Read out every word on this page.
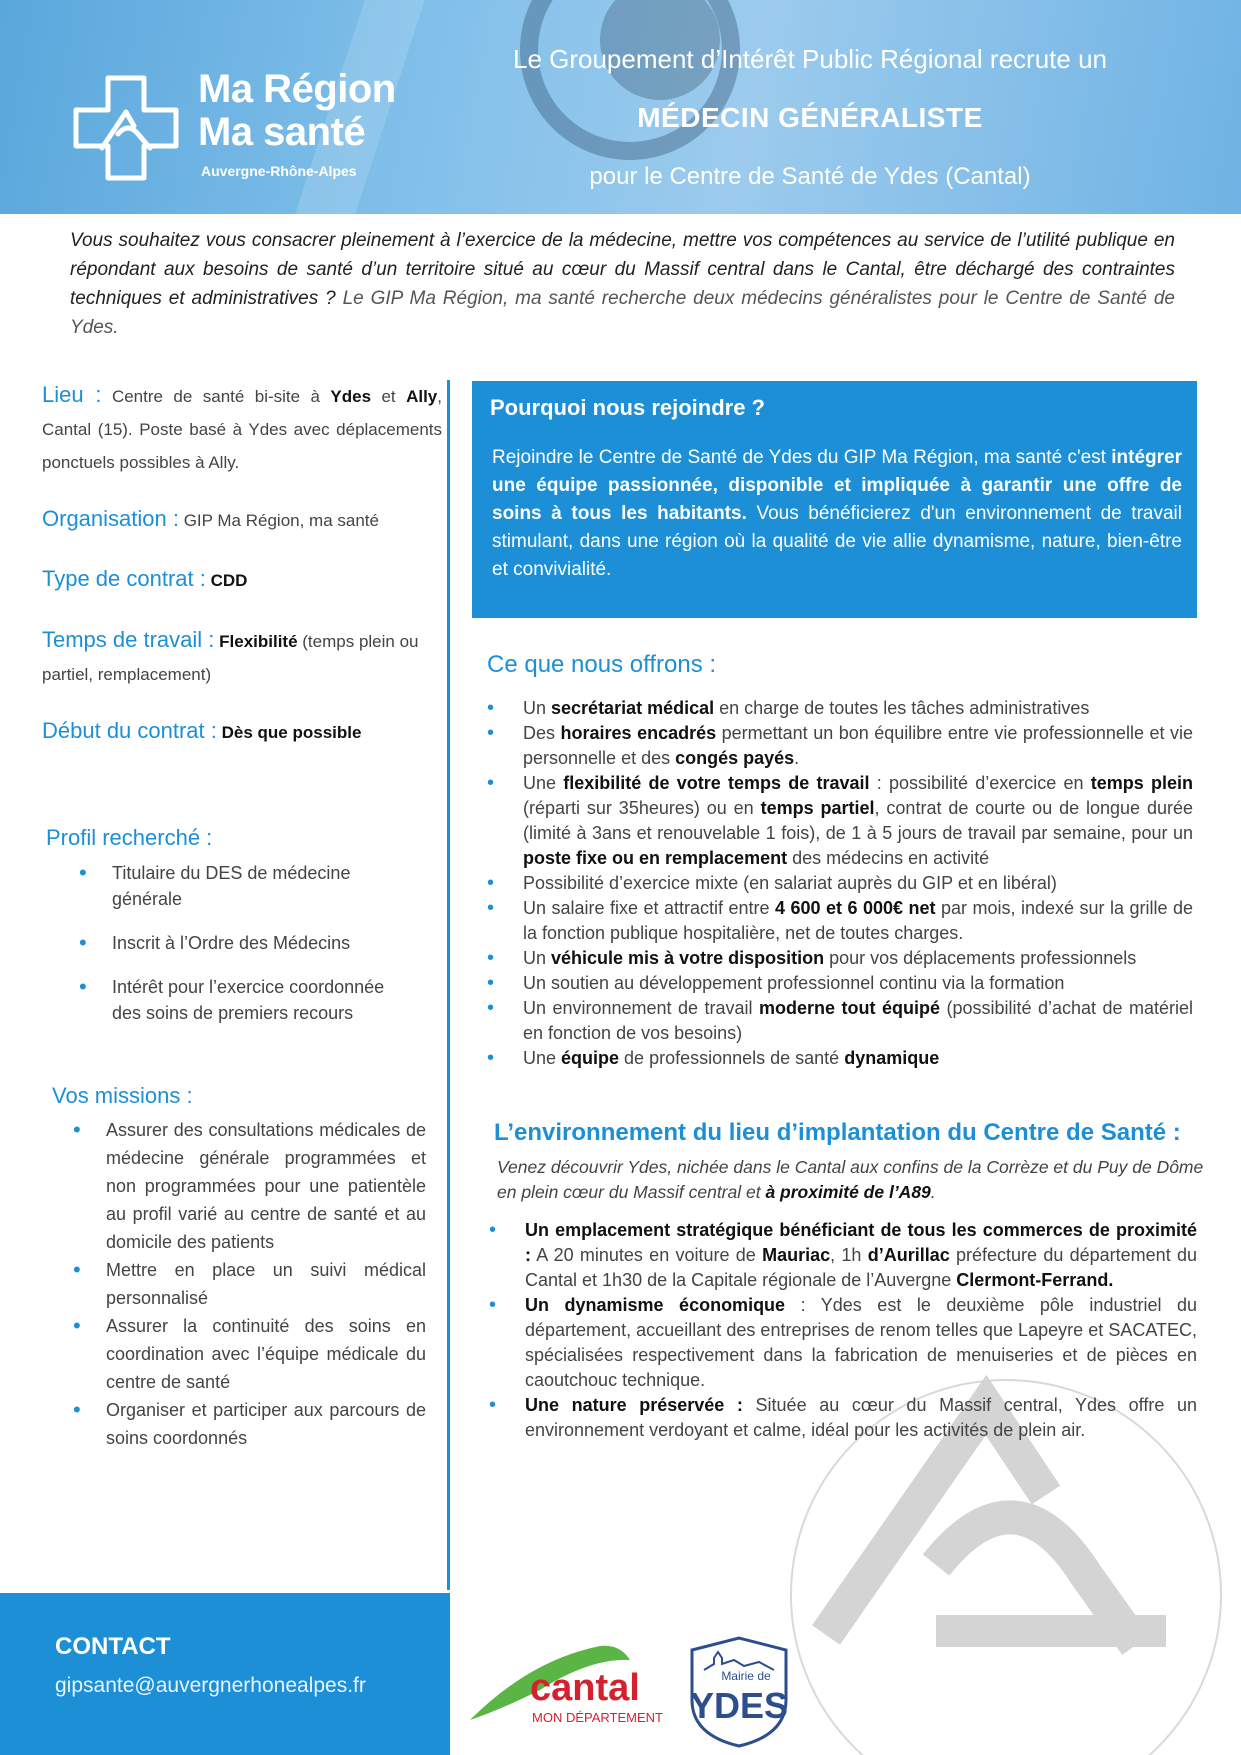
Ma Région
Ma santé
Auvergne-Rhône-Alpes
Le Groupement d’Intérêt Public Régional recrute un
MÉDECIN GÉNÉRALISTE
pour le Centre de Santé de Ydes (Cantal)

Vous souhaitez vous consacrer pleinement à l’exercice de la médecine, mettre vos compétences au service de l’utilité publique en répondant aux besoins de santé d’un territoire situé au cœur du Massif central dans le Cantal, être déchargé des contraintes techniques et administratives ? Le GIP Ma Région, ma santé recherche deux médecins généralistes pour le Centre de Santé de Ydes.

Lieu : Centre de santé bi-site à Ydes et Ally, Cantal (15). Poste basé à Ydes avec déplacements ponctuels possibles à Ally.
Organisation : GIP Ma Région, ma santé
Type de contrat : CDD
Temps de travail : Flexibilité (temps plein ou partiel, remplacement)
Début du contrat : Dès que possible
Profil recherché :
• Titulaire du DES de médecine générale
• Inscrit à l’Ordre des Médecins
• Intérêt pour l’exercice coordonnée des soins de premiers recours
Vos missions :
• Assurer des consultations médicales de médecine générale programmées et non programmées pour une patientèle au profil varié au centre de santé et au domicile des patients
• Mettre en place un suivi médical personnalisé
• Assurer la continuité des soins en coordination avec l’équipe médicale du centre de santé
• Organiser et participer aux parcours de soins coordonnés
Pourquoi nous rejoindre ?

Rejoindre le Centre de Santé de Ydes du GIP Ma Région, ma santé c'est intégrer une équipe passionnée, disponible et impliquée à garantir une offre de soins à tous les habitants. Vous bénéficierez d'un environnement de travail stimulant, dans une région où la qualité de vie allie dynamisme, nature, bien-être et convivialité.

Ce que nous offrons :
• Un secrétariat médical en charge de toutes les tâches administratives
• Des horaires encadrés permettant un bon équilibre entre vie professionnelle et vie personnelle et des congés payés.
• Une flexibilité de votre temps de travail : possibilité d’exercice en temps plein (réparti sur 35heures) ou en temps partiel, contrat de courte ou de longue durée (limité à 3ans et renouvelable 1 fois), de 1 à 5 jours de travail par semaine, pour un poste fixe ou en remplacement des médecins en activité
• Possibilité d’exercice mixte (en salariat auprès du GIP et en libéral)
• Un salaire fixe et attractif entre 4 600 et 6 000€ net par mois, indexé sur la grille de la fonction publique hospitalière, net de toutes charges.
• Un véhicule mis à votre disposition pour vos déplacements professionnels
• Un soutien au développement professionnel continu via la formation
• Un environnement de travail moderne tout équipé (possibilité d’achat de matériel en fonction de vos besoins)
• Une équipe de professionnels de santé dynamique
L’environnement du lieu d’implantation du Centre de Santé :

Venez découvrir Ydes, nichée dans le Cantal aux confins de la Corrèze et du Puy de Dôme en plein cœur du Massif central et à proximité de l’A89.

• Un emplacement stratégique bénéficiant de tous les commerces de proximité : A 20 minutes en voiture de Mauriac, 1h d’Aurillac préfecture du département du Cantal et 1h30 de la Capitale régionale de l’Auvergne Clermont-Ferrand.
• Un dynamisme économique : Ydes est le deuxième pôle industriel du département, accueillant des entreprises de renom telles que Lapeyre et SACATEC, spécialisées respectivement dans la fabrication de menuiseries et de pièces en caoutchouc technique.
• Une nature préservée : Située au cœur du Massif central, Ydes offre un environnement verdoyant et calme, idéal pour les activités de plein air.
CONTACT
gipsante@auvergnerhonealpes.fr	cantal
MON DÉPARTEMENT
Mairie de
YDES
